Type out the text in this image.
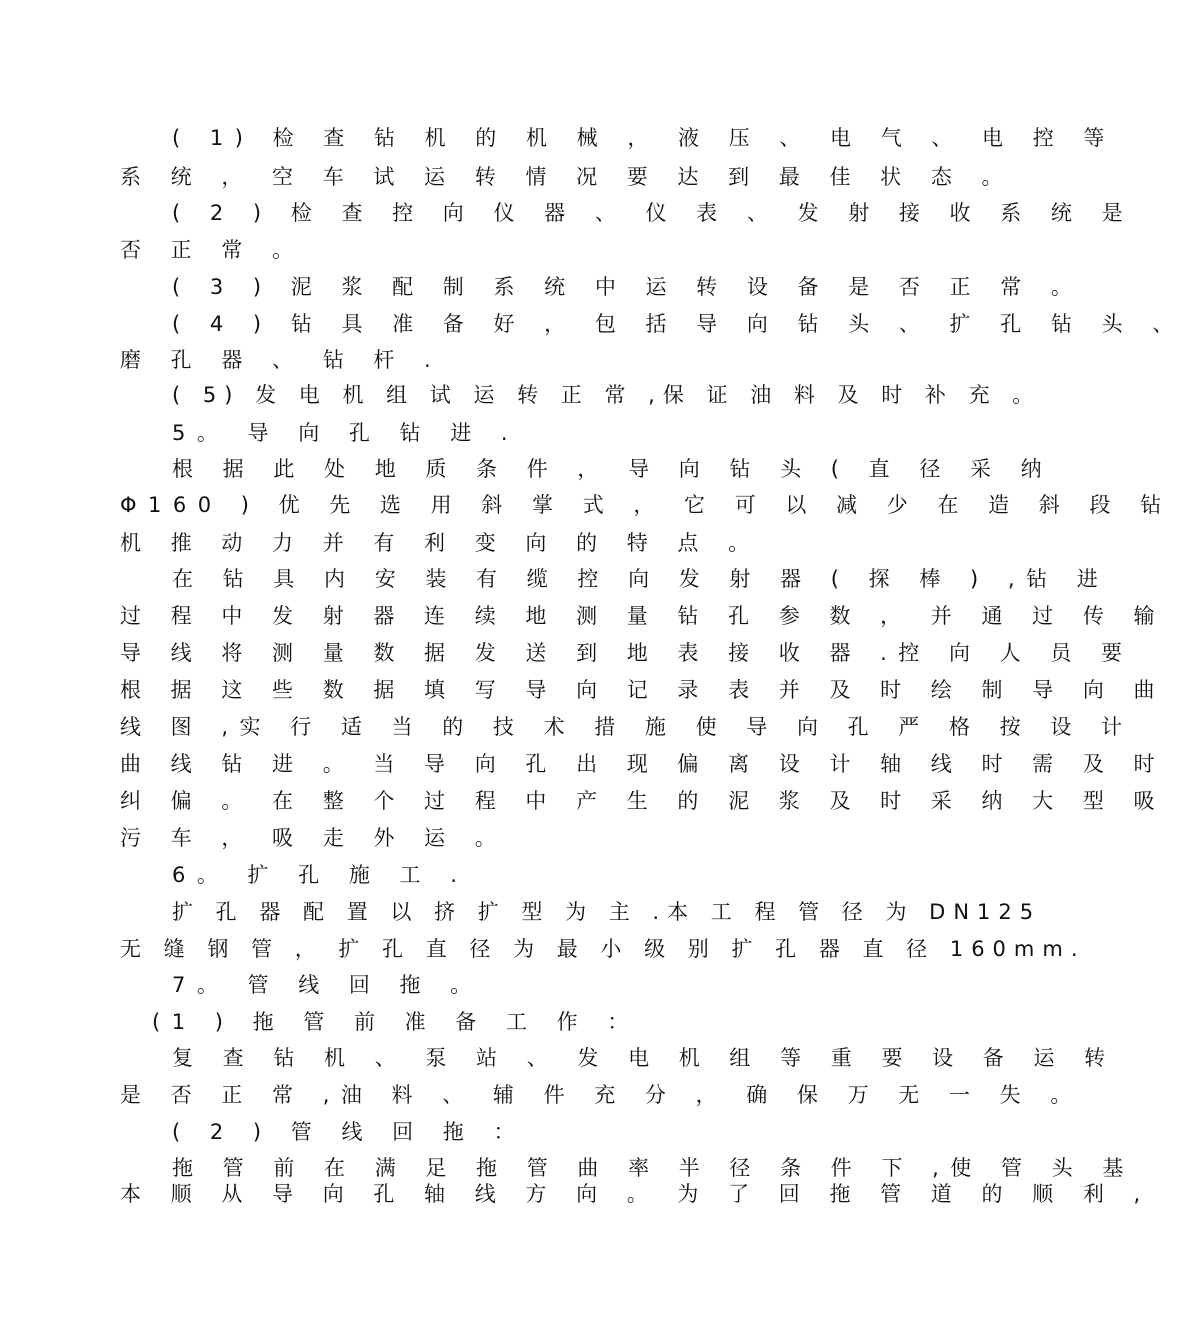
( 1) 检 查 钻 机 的 机 械 ， 液 压 、 电 气 、 电 控 等
系 统 ， 空 车 试 运 转 情 况 要 达 到 最 佳 状 态 。
( 2 ) 检 查 控 向 仪 器 、 仪 表 、 发 射 接 收 系 统 是
否 正 常 。
( 3 ) 泥 浆 配 制 系 统 中 运 转 设 备 是 否 正 常 。
( 4 ) 钻 具 准 备 好 ， 包 括 导 向 钻 头 、 扩 孔 钻 头 、
磨 孔 器 、 钻 杆 .
( 5) 发 电 机 组 试 运 转 正 常 ,保 证 油 料 及 时 补 充 。
5。 导 向 孔 钻 进 .
根 据 此 处 地 质 条 件 ， 导 向 钻 头 ( 直 径 采 纳
Φ160 ) 优 先 选 用 斜 掌 式 ， 它 可 以 减 少 在 造 斜 段 钻
机 推 动 力 并 有 利 变 向 的 特 点 。
在 钻 具 内 安 装 有 缆 控 向 发 射 器 ( 探 棒 ) ,钻 进
过 程 中 发 射 器 连 续 地 测 量 钻 孔 参 数 ， 并 通 过 传 输
导 线 将 测 量 数 据 发 送 到 地 表 接 收 器 .控 向 人 员 要
根 据 这 些 数 据 填 写 导 向 记 录 表 并 及 时 绘 制 导 向 曲
线 图 ,实 行 适 当 的 技 术 措 施 使 导 向 孔 严 格 按 设 计
曲 线 钻 进 。 当 导 向 孔 出 现 偏 离 设 计 轴 线 时 需 及 时
纠 偏 。 在 整 个 过 程 中 产 生 的 泥 浆 及 时 采 纳 大 型 吸
污 车 ， 吸 走 外 运 。
6。 扩 孔 施 工 .
扩 孔 器 配 置 以 挤 扩 型 为 主 .本 工 程 管 径 为 DN125
无 缝 钢 管 ， 扩 孔 直 径 为 最 小 级 别 扩 孔 器 直 径 160mm.
7。 管 线 回 拖 。
(1 ) 拖 管 前 准 备 工 作 ：
复 查 钻 机 、 泵 站 、 发 电 机 组 等 重 要 设 备 运 转
是 否 正 常 ,油 料 、 辅 件 充 分 ， 确 保 万 无 一 失 。
( 2 ) 管 线 回 拖 ：
拖 管 前 在 满 足 拖 管 曲 率 半 径 条 件 下 ,使 管 头 基
本 顺 从 导 向 孔 轴 线 方 向 。 为 了 回 拖 管 道 的 顺 利 ,
